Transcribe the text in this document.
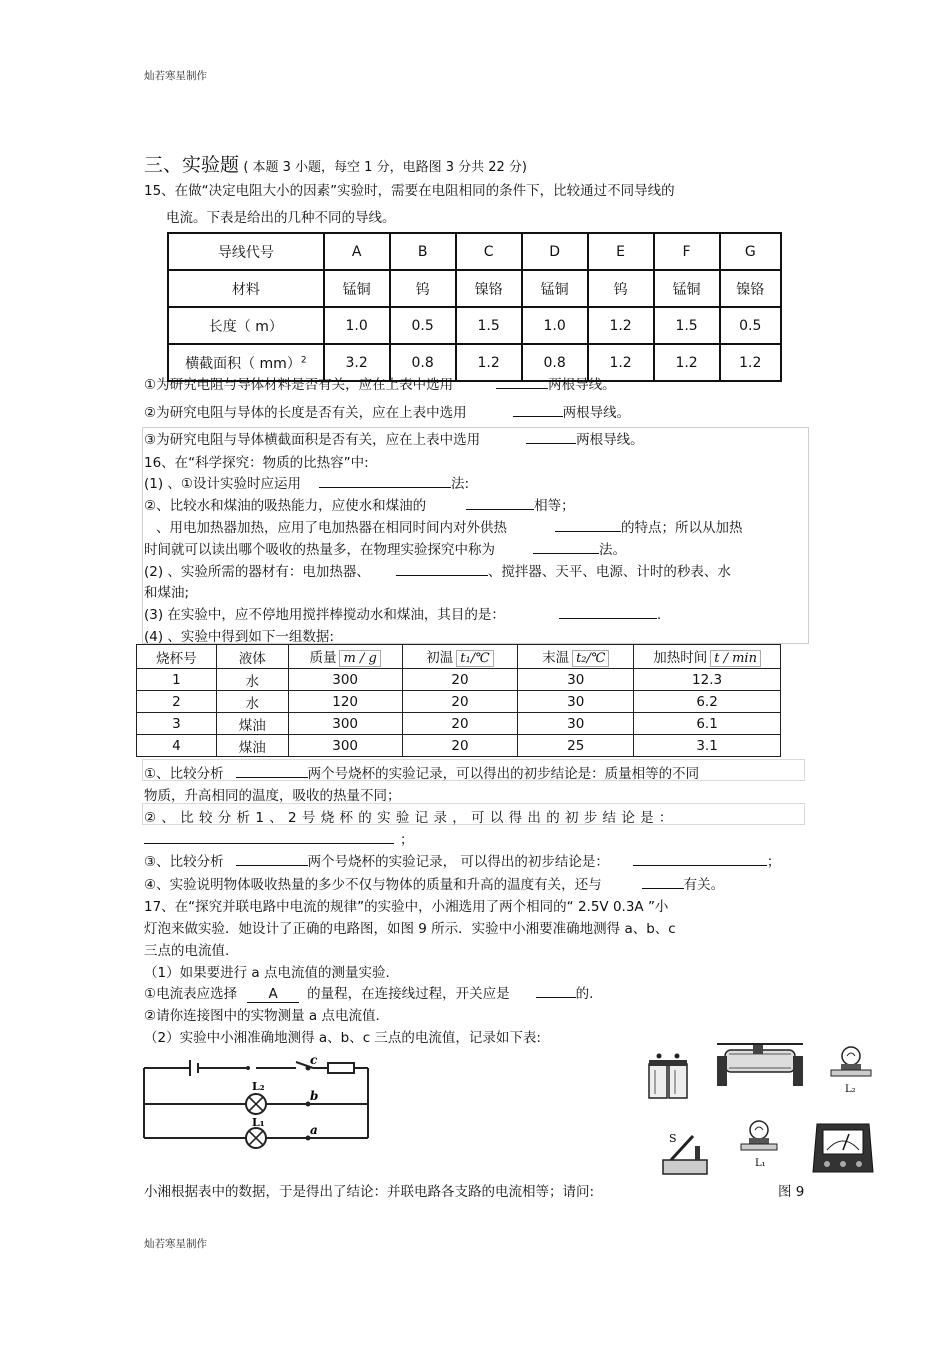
灿若寒星制作
灿若寒星制作
三、实验题 ( 本题 3 小题，每空 1 分，电路图 3 分共 22 分)
15、在做“决定电阻大小的因素”实验时，需要在电阻相同的条件下，比较通过不同导线的
电流。下表是给出的几种不同的导线。
导线代号	A	B	C	D	E	F	G
材料	锰铜	钨	镍铬	锰铜	钨	锰铜	镍铬
长度（ m）	1.0	0.5	1.5	1.0	1.2	1.5	0.5
横截面积（ mm）$^2$	3.2	0.8	1.2	0.8	1.2	1.2	1.2
①为研究电阻与导体材料是否有关，应在上表中选用	两根导线。
②为研究电阻与导体的长度是否有关，应在上表中选用	两根导线。
③为研究电阻与导体横截面积是否有关，应在上表中选用	两根导线。
16、在“科学探究：物质的比热容”中:
(1) 、①设计实验时应运用	法:
②、比较水和煤油的吸热能力，应使水和煤油的	相等；
、用电加热器加热，应用了电加热器在相同时间内对外供热	的特点；所以从加热
时间就可以读出哪个吸收的热量多，在物理实验探究中称为	法。
(2) 、实验所需的器材有：电加热器、	、搅拌器、天平、电源、计时的秒表、水
和煤油;
(3) 在实验中，应不停地用搅拌棒搅动水和煤油，其目的是：	.
(4) 、实验中得到如下一组数据:
烧杯号	液体	质量 m / g	初温 t₁/℃	末温 t₂/℃	加热时间 t / min
1	水	300	20	30	12.3
2	水	120	20	30	6.2
3	煤油	300	20	30	6.1
4	煤油	300	20	25	3.1
①、比较分析	两个号烧杯的实验记录，可以得出的初步结论是：质量相等的不同
物质，升高相同的温度，吸收的热量不同；
② 、 比 较 分 析 1 、 2 号 烧 杯 的 实 验 记 录 ， 可 以 得 出 的 初 步 结 论 是 ：
；
③、比较分析	两个号烧杯的实验记录， 可以得出的初步结论是：	；
④、实验说明物体吸收热量的多少不仅与物体的质量和升高的温度有关，还与	有关。
17、在“探究并联电路中电流的规律”的实验中，小湘选用了两个相同的“ 2.5V 0.3A ”小
灯泡来做实验．她设计了正确的电路图，如图 9 所示．实验中小湘要准确地测得 a、b、c
三点的电流值.
（1）如果要进行 a 点电流值的测量实验.
①电流表应选择 A 的量程，在连接线过程，开关应是	的.
②请你连接图中的实物测量 a 点电流值.
（2）实验中小湘准确地测得 a、b、c 三点的电流值，记录如下表:
L₂
L₁
c
b
a
L₂
S
L₁
小湘根据表中的数据，于是得出了结论：并联电路各支路的电流相等；请问:	图 9
